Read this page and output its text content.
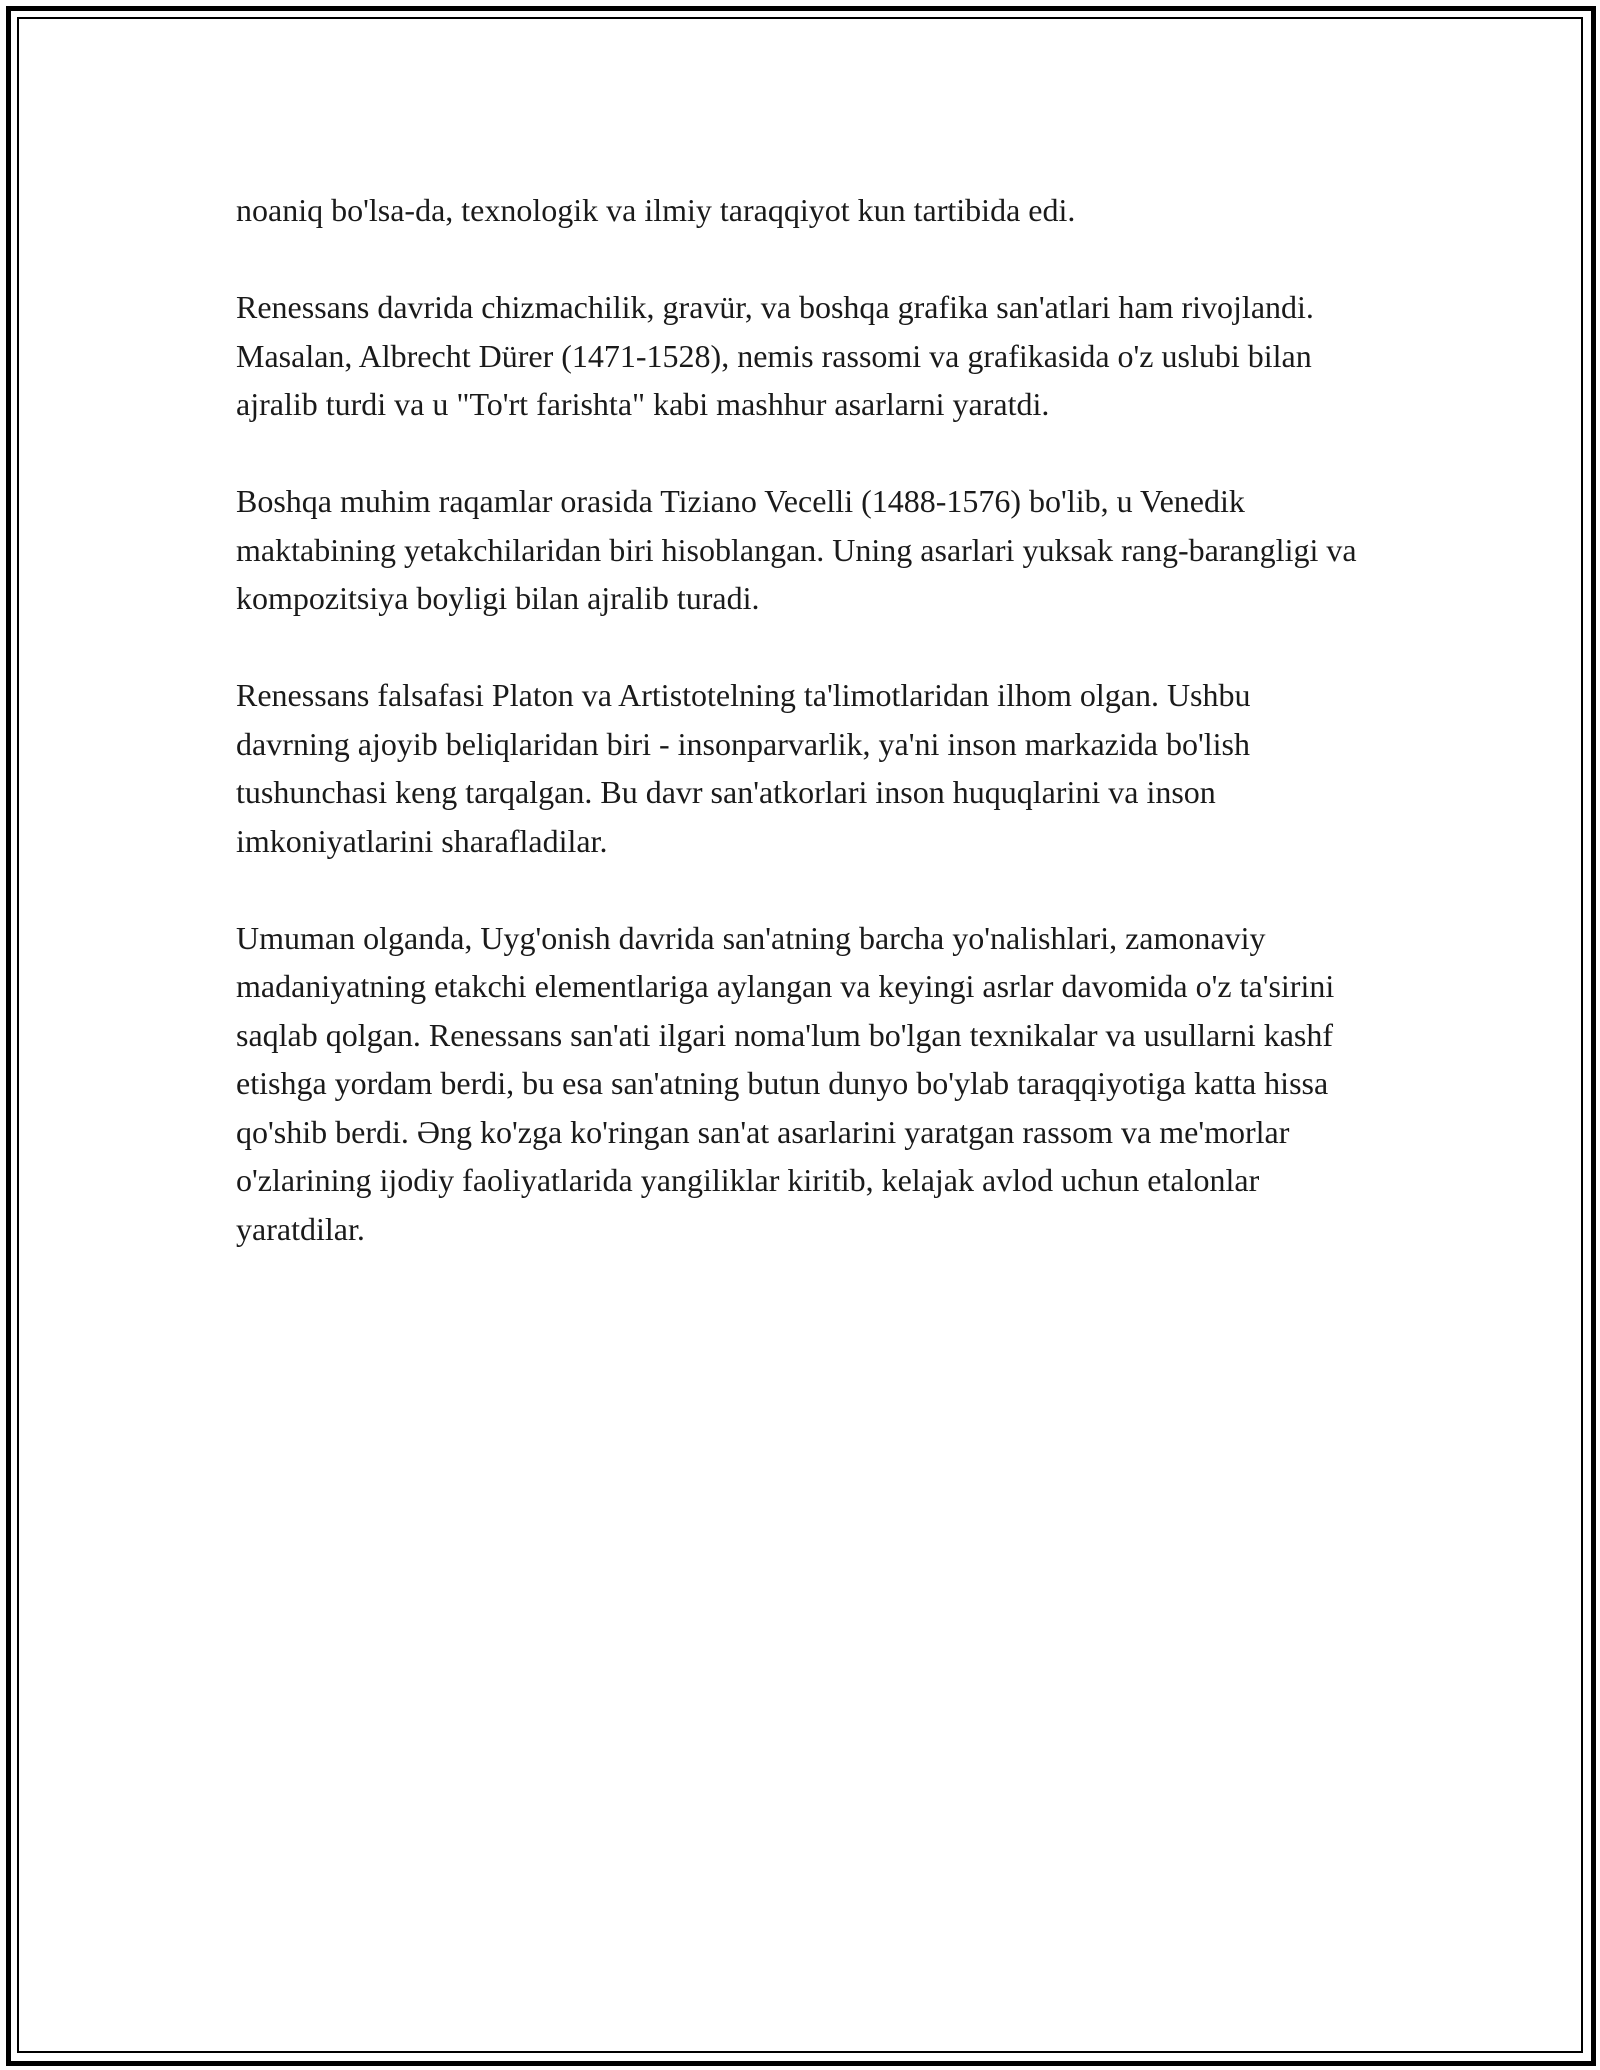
noaniq bo'lsa-da, texnologik va ilmiy taraqqiyot kun tartibida edi.

Renessans davrida chizmachilik, gravür, va boshqa grafika san'atlari ham rivojlandi. Masalan, Albrecht Dürer (1471-1528), nemis rassomi va grafikasida o'z uslubi bilan ajralib turdi va u "To'rt farishta" kabi mashhur asarlarni yaratdi.

Boshqa muhim raqamlar orasida Tiziano Vecelli (1488-1576) bo'lib, u Venedik maktabining yetakchilaridan biri hisoblangan. Uning asarlari yuksak rang-barangligi va kompozitsiya boyligi bilan ajralib turadi.

Renessans falsafasi Platon va Artistotelning ta'limotlaridan ilhom olgan. Ushbu davrning ajoyib beliqlaridan biri - insonparvarlik, ya'ni inson markazida bo'lish tushunchasi keng tarqalgan. Bu davr san'atkorlari inson huquqlarini va inson imkoniyatlarini sharafladilar.

Umuman olganda, Uyg'onish davrida san'atning barcha yo'nalishlari, zamonaviy madaniyatning etakchi elementlariga aylangan va keyingi asrlar davomida o'z ta'sirini saqlab qolgan. Renessans san'ati ilgari noma'lum bo'lgan texnikalar va usullarni kashf etishga yordam berdi, bu esa san'atning butun dunyo bo'ylab taraqqiyotiga katta hissa qo'shib berdi. Əng ko'zga ko'ringan san'at asarlarini yaratgan rassom va me'morlar o'zlarining ijodiy faoliyatlarida yangiliklar kiritib, kelajak avlod uchun etalonlar yaratdilar.
